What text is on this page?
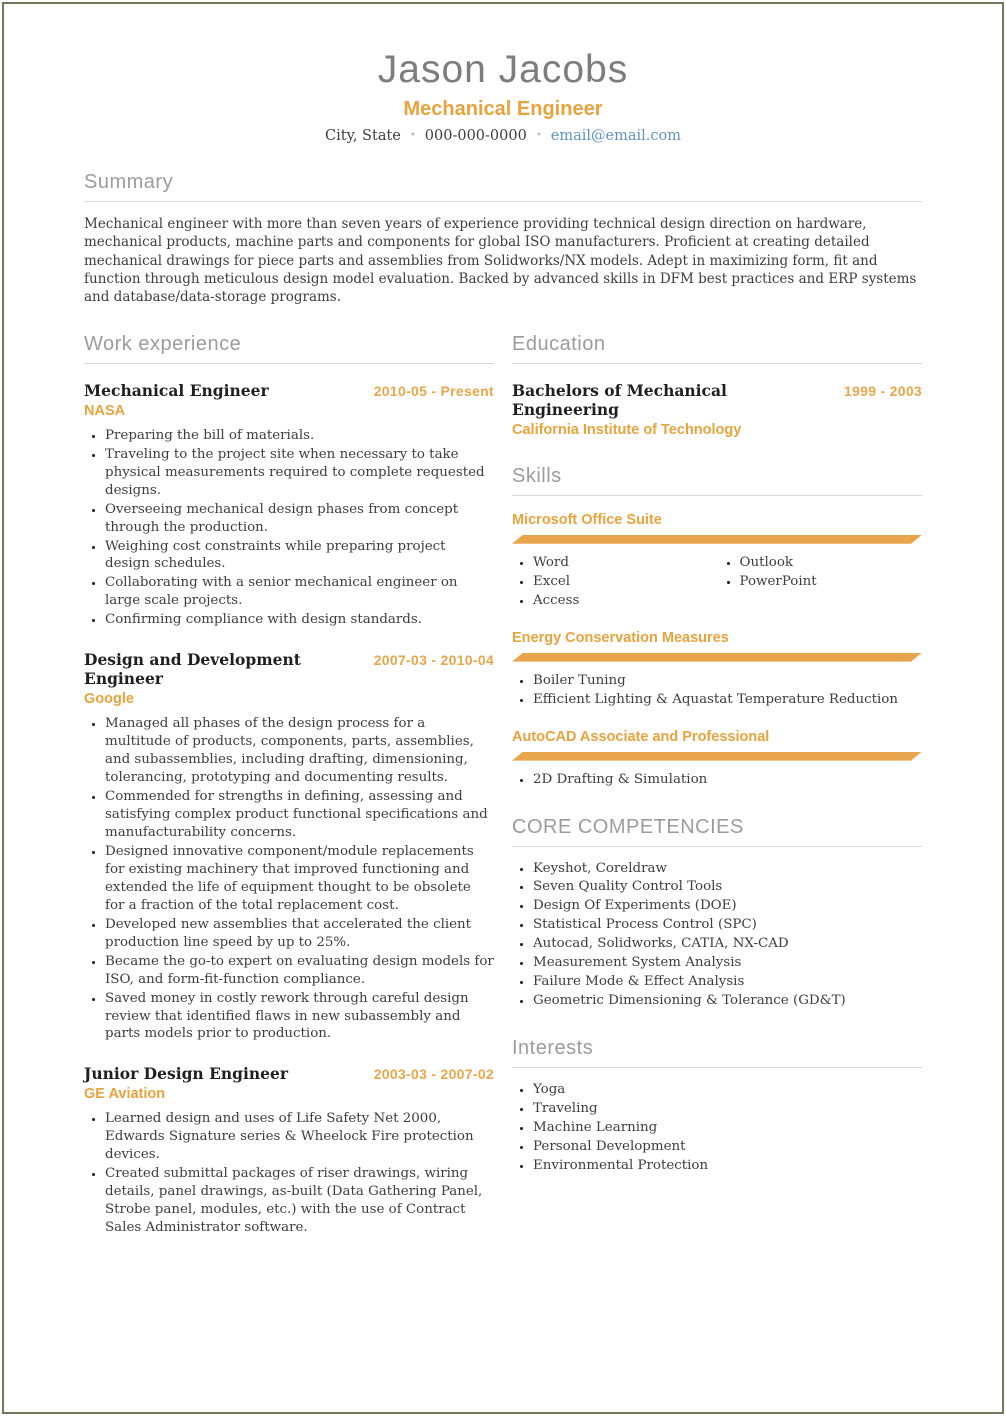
Jason Jacobs
Mechanical Engineer
City, State • 000-000-0000 • email@email.com
Summary

Mechanical engineer with more than seven years of experience providing technical design direction on hardware, mechanical products, machine parts and components for global ISO manufacturers. Proficient at creating detailed mechanical drawings for piece parts and assemblies from Solidworks/NX models. Adept in maximizing form, fit and function through meticulous design model evaluation. Backed by advanced skills in DFM best practices and ERP systems and database/data-storage programs.

Work experience
Mechanical Engineer	2010-05 - Present
NASA
• Preparing the bill of materials.
• Traveling to the project site when necessary to take physical measurements required to complete requested designs.
• Overseeing mechanical design phases from concept through the production.
• Weighing cost constraints while preparing project design schedules.
• Collaborating with a senior mechanical engineer on large scale projects.
• Confirming compliance with design standards.
Design and Development Engineer
2007-03 - 2010-04
Google
• Managed all phases of the design process for a multitude of products, components, parts, assemblies, and subassemblies, including drafting, dimensioning, tolerancing, prototyping and documenting results.
• Commended for strengths in defining, assessing and satisfying complex product functional specifications and manufacturability concerns.
• Designed innovative component/module replacements for existing machinery that improved functioning and extended the life of equipment thought to be obsolete for a fraction of the total replacement cost.
• Developed new assemblies that accelerated the client production line speed by up to 25%.
• Became the go-to expert on evaluating design models for ISO, and form-fit-function compliance.
• Saved money in costly rework through careful design review that identified flaws in new subassembly and parts models prior to production.
Junior Design Engineer	2003-03 - 2007-02
GE Aviation
• Learned design and uses of Life Safety Net 2000, Edwards Signature series & Wheelock Fire protection devices.
• Created submittal packages of riser drawings, wiring details, panel drawings, as-built (Data Gathering Panel, Strobe panel, modules, etc.) with the use of Contract Sales Administrator software.
Education
Bachelors of Mechanical Engineering
1999 - 2003
California Institute of Technology
Skills
Microsoft Office Suite
• Word
• Excel
• Access
• Outlook
• PowerPoint
Energy Conservation Measures
• Boiler Tuning
• Efficient Lighting & Aquastat Temperature Reduction
AutoCAD Associate and Professional
• 2D Drafting & Simulation
CORE COMPETENCIES
• Keyshot, Coreldraw
• Seven Quality Control Tools
• Design Of Experiments (DOE)
• Statistical Process Control (SPC)
• Autocad, Solidworks, CATIA, NX-CAD
• Measurement System Analysis
• Failure Mode & Effect Analysis
• Geometric Dimensioning & Tolerance (GD&T)
Interests
• Yoga
• Traveling
• Machine Learning
• Personal Development
• Environmental Protection
